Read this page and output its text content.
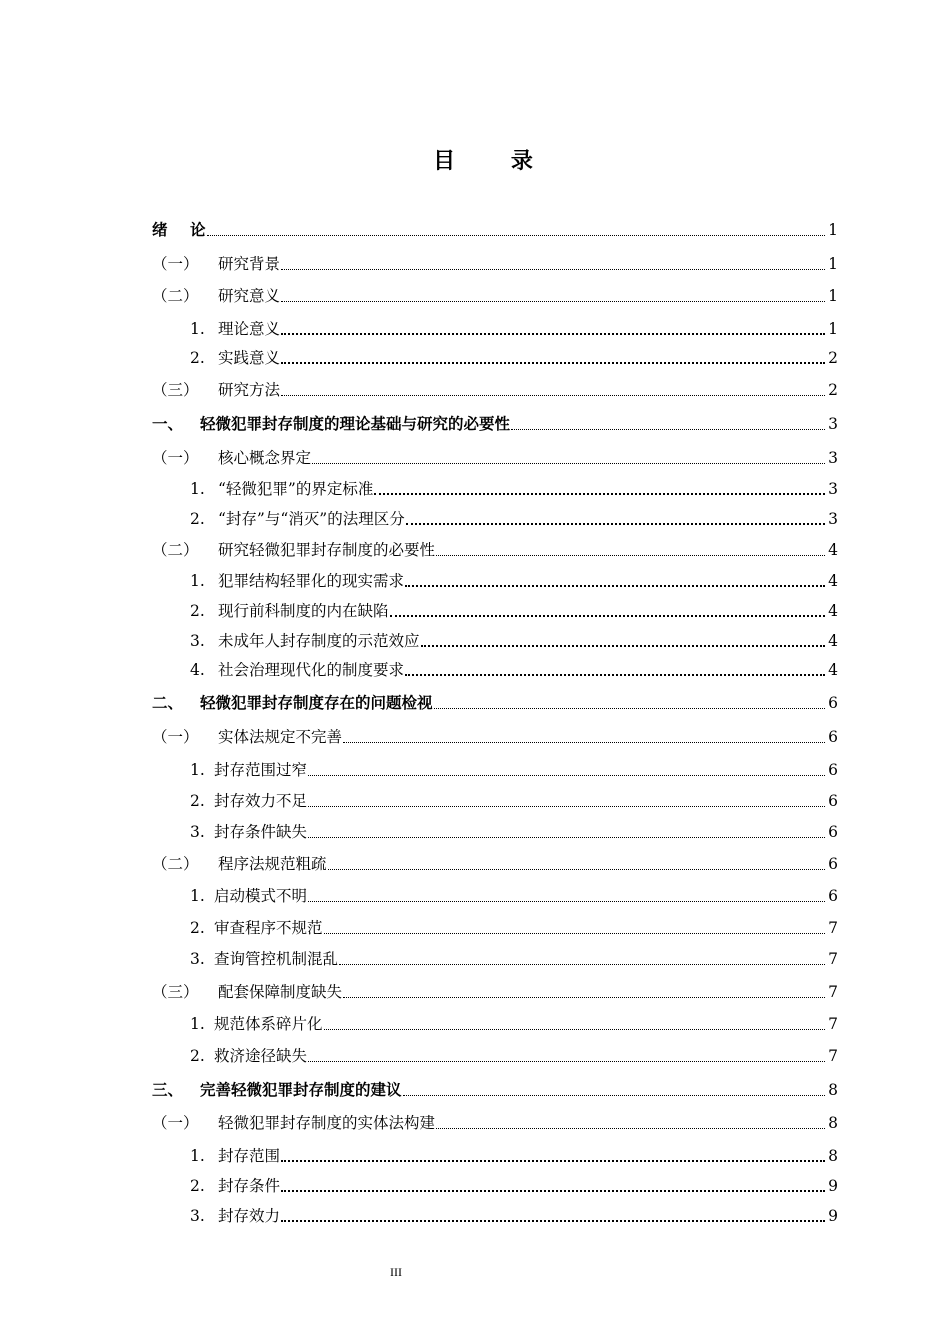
目 录
绪	论	1
（一）	研究背景	1
（二）	研究意义	1
1. 理论意义	1
2. 实践意义	2
（三）	研究方法	2
一、	轻微犯罪封存制度的理论基础与研究的必要性	3
（一）	核心概念界定	3
1. “轻微犯罪”的界定标准	3
2. “封存”与“消灭”的法理区分	3
（二）	研究轻微犯罪封存制度的必要性	4
1. 犯罪结构轻罪化的现实需求	4
2. 现行前科制度的内在缺陷	4
3. 未成年人封存制度的示范效应	4
4. 社会治理现代化的制度要求	4
二、	轻微犯罪封存制度存在的问题检视	6
（一）	实体法规定不完善	6
1. 封存范围过窄	6
2. 封存效力不足	6
3. 封存条件缺失	6
（二）	程序法规范粗疏	6
1. 启动模式不明	6
2. 审查程序不规范	7
3. 查询管控机制混乱	7
（三）	配套保障制度缺失	7
1. 规范体系碎片化	7
2. 救济途径缺失	7
三、	完善轻微犯罪封存制度的建议	8
（一）	轻微犯罪封存制度的实体法构建	8
1. 封存范围	8
2. 封存条件	9
3. 封存效力	9
III
